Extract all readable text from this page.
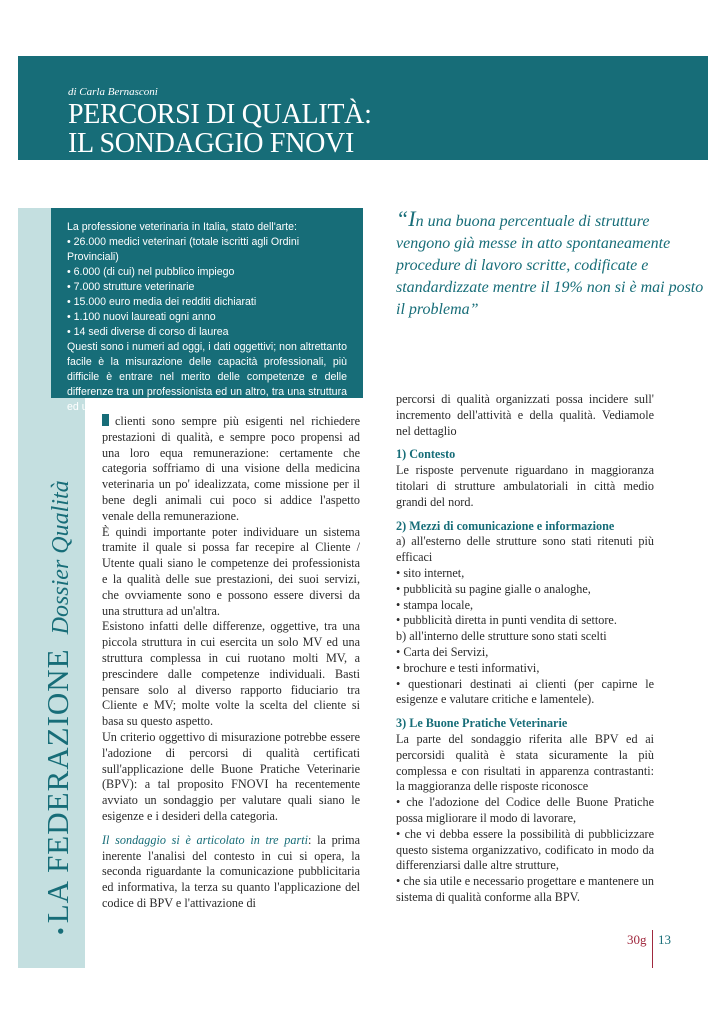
di Carla Bernasconi
PERCORSI DI QUALITÀ:
IL SONDAGGIO FNOVI
• LA FEDERAZIONE Dossier Qualità

La professione veterinaria in Italia, stato dell'arte:

• 26.000 medici veterinari (totale iscritti agli Ordini Provinciali)
• 6.000 (di cui) nel pubblico impiego
• 7.000 strutture veterinarie
• 15.000 euro media dei redditi dichiarati
• 1.100 nuovi laureati ogni anno
• 14 sedi diverse di corso di laurea

Questi sono i numeri ad oggi, i dati oggettivi; non altrettanto facile è la misurazione delle capacità professionali, più difficile è entrare nel merito delle competenze e delle differenze tra un professionista ed un altro, tra una struttura ed un'altra.

“In una buona percentuale di strutture vengono già messe in atto spontaneamente procedure di lavoro scritte, codificate e standardizzate mentre il 19% non si è mai posto il problema”

clienti sono sempre più esigenti nel richiedere prestazioni di qualità, e sempre poco propensi ad una loro equa remunerazione: certamente che categoria soffriamo di una visione della medicina veterinaria un po' idealizzata, come missione per il bene degli animali cui poco si addice l'aspetto venale della remunerazione.

È quindi importante poter individuare un sistema tramite il quale si possa far recepire al Cliente / Utente quali siano le competenze dei professionista e la qualità delle sue prestazioni, dei suoi servizi, che ovviamente sono e possono essere diversi da una struttura ad un'altra.

Esistono infatti delle differenze, oggettive, tra una piccola struttura in cui esercita un solo MV ed una struttura complessa in cui ruotano molti MV, a prescindere dalle competenze individuali. Basti pensare solo al diverso rapporto fiduciario tra Cliente e MV; molte volte la scelta del cliente si basa su questo aspetto.

Un criterio oggettivo di misurazione potrebbe essere l'adozione di percorsi di qualità certificati sull'applicazione delle Buone Pratiche Veterinarie (BPV): a tal proposito FNOVI ha recentemente avviato un sondaggio per valutare quali siano le esigenze e i desideri della categoria.

Il sondaggio si è articolato in tre parti: la prima inerente l'analisi del contesto in cui si opera, la seconda riguardante la comunicazione pubblicitaria ed informativa, la terza su quanto l'applicazione del codice di BPV e l'attivazione di

percorsi di qualità organizzati possa incidere sull' incremento dell'attività e della qualità. Vediamole nel dettaglio

1) Contesto

Le risposte pervenute riguardano in maggioranza titolari di strutture ambulatoriali in città medio grandi del nord.

2) Mezzi di comunicazione e informazione

a) all'esterno delle strutture sono stati ritenuti più efficaci

• sito internet,

• pubblicità su pagine gialle o analoghe,

• stampa locale,

• pubblicità diretta in punti vendita di settore.

b) all'interno delle strutture sono stati scelti

• Carta dei Servizi,

• brochure e testi informativi,

• questionari destinati ai clienti (per capirne le esigenze e valutare critiche e lamentele).

3) Le Buone Pratiche Veterinarie

La parte del sondaggio riferita alle BPV ed ai percorsidi qualità è stata sicuramente la più complessa e con risultati in apparenza contrastanti: la maggioranza delle risposte riconosce

• che l'adozione del Codice delle Buone Pratiche possa migliorare il modo di lavorare,

• che vi debba essere la possibilità di pubblicizzare questo sistema organizzativo, codificato in modo da differenziarsi dalle altre strutture,

• che sia utile e necessario progettare e mantenere un sistema di qualità conforme alla BPV.

30g 13
